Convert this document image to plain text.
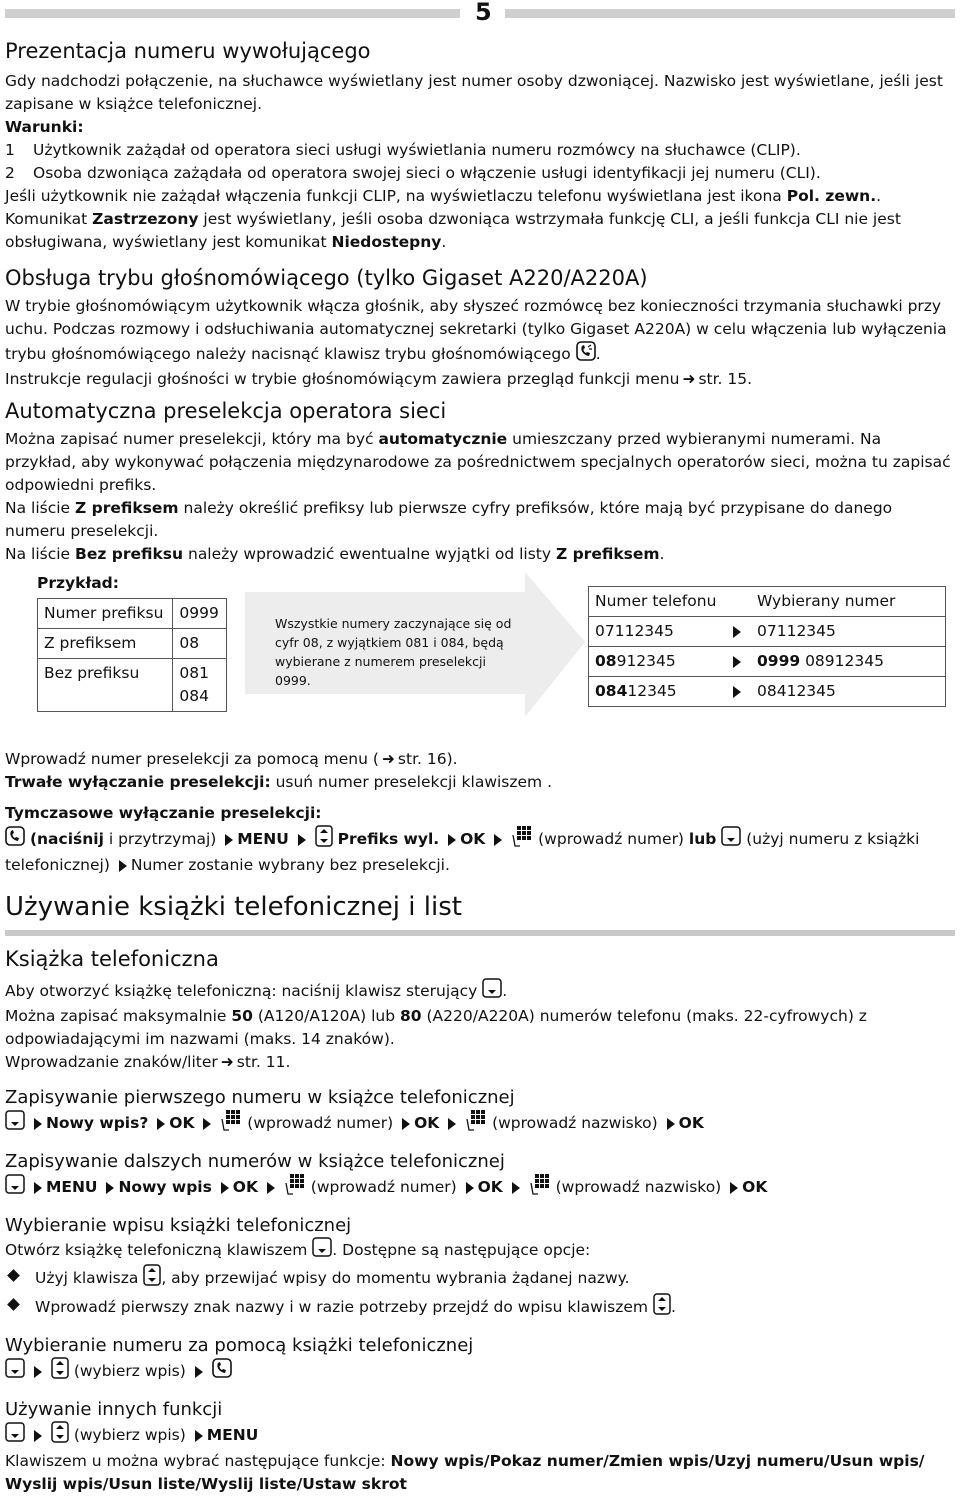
5
Prezentacja numeru wywołującego

Gdy nadchodzi połączenie, na słuchawce wyświetlany jest numer osoby dzwoniącej. Nazwisko jest wyświetlane, jeśli jest zapisane w książce telefonicznej.

Warunki:

1 Użytkownik zażądał od operatora sieci usługi wyświetlania numeru rozmówcy na słuchawce (CLIP).

2 Osoba dzwoniąca zażądała od operatora swojej sieci o włączenie usługi identyfikacji jej numeru (CLI).

Jeśli użytkownik nie zażądał włączenia funkcji CLIP, na wyświetlaczu telefonu wyświetlana jest ikona Pol. zewn.. Komunikat Zastrzezony jest wyświetlany, jeśli osoba dzwoniąca wstrzymała funkcję CLI, a jeśli funkcja CLI nie jest obsługiwana, wyświetlany jest komunikat Niedostepny.

Obsługa trybu głośnomówiącego (tylko Gigaset A220/A220A)

W trybie głośnomówiącym użytkownik włącza głośnik, aby słyszeć rozmówcę bez konieczności trzymania słuchawki przy uchu. Podczas rozmowy i odsłuchiwania automatycznej sekretarki (tylko Gigaset A220A) w celu włączenia lub wyłączenia trybu głośnomówiącego należy nacisnąć klawisz trybu głośnomówiącego .

Instrukcje regulacji głośności w trybie głośnomówiącym zawiera przegląd funkcji menu ➜ str. 15.

Automatyczna preselekcja operatora sieci

Można zapisać numer preselekcji, który ma być automatycznie umieszczany przed wybieranymi numerami. Na przykład, aby wykonywać połączenia międzynarodowe za pośrednictwem specjalnych operatorów sieci, można tu zapisać odpowiedni prefiks.

Na liście Z prefiksem należy określić prefiksy lub pierwsze cyfry prefiksów, które mają być przypisane do danego numeru preselekcji.

Na liście Bez prefiksu należy wprowadzić ewentualne wyjątki od listy Z prefiksem.

Przykład:

Numer prefiksu	0999
Z prefiksem	08
Bez prefiksu	081
084

Wszystkie numery zaczynające się od cyfr 08, z wyjątkiem 081 i 084, będą wybierane z numerem preselekcji 0999.

Numer telefonu	Wybierany numer
07112345	07112345
08912345	0999 08912345
08412345	08412345

Wprowadź numer preselekcji za pomocą menu ( ➜ str. 16).

Trwałe wyłączanie preselekcji: usuń numer preselekcji klawiszem .

Tymczasowe wyłączanie preselekcji:

(naciśnij i przytrzymaj) MENU	Prefiks wyl. OK	(wprowadź numer) lub (użyj numeru z książki telefonicznej) Numer zostanie wybrany bez preselekcji.

Używanie książki telefonicznej i list
Książka telefoniczna

Aby otworzyć książkę telefoniczną: naciśnij klawisz sterujący .

Można zapisać maksymalnie 50 (A120/A120A) lub 80 (A220/A220A) numerów telefonu (maks. 22-cyfrowych) z odpowiadającymi im nazwami (maks. 14 znaków).

Wprowadzanie znaków/liter ➜ str. 11.

Zapisywanie pierwszego numeru w książce telefonicznej

Nowy wpis? OK	(wprowadź numer) OK	(wprowadź nazwisko) OK

Zapisywanie dalszych numerów w książce telefonicznej

MENU Nowy wpis OK	(wprowadź numer) OK	(wprowadź nazwisko) OK

Wybieranie wpisu książki telefonicznej

Otwórz książkę telefoniczną klawiszem . Dostępne są następujące opcje:

Użyj klawisza , aby przewijać wpisy do momentu wybrania żądanej nazwy.
Wprowadź pierwszy znak nazwy i w razie potrzeby przejdź do wpisu klawiszem .
Wybieranie numeru za pomocą książki telefonicznej

(wybierz wpis)

Używanie innych funkcji

(wybierz wpis) MENU

Klawiszem u można wybrać następujące funkcje: Nowy wpis/Pokaz numer/Zmien wpis/Uzyj numeru/Usun wpis/

Wyslij wpis/Usun liste/Wyslij liste/Ustaw skrot
